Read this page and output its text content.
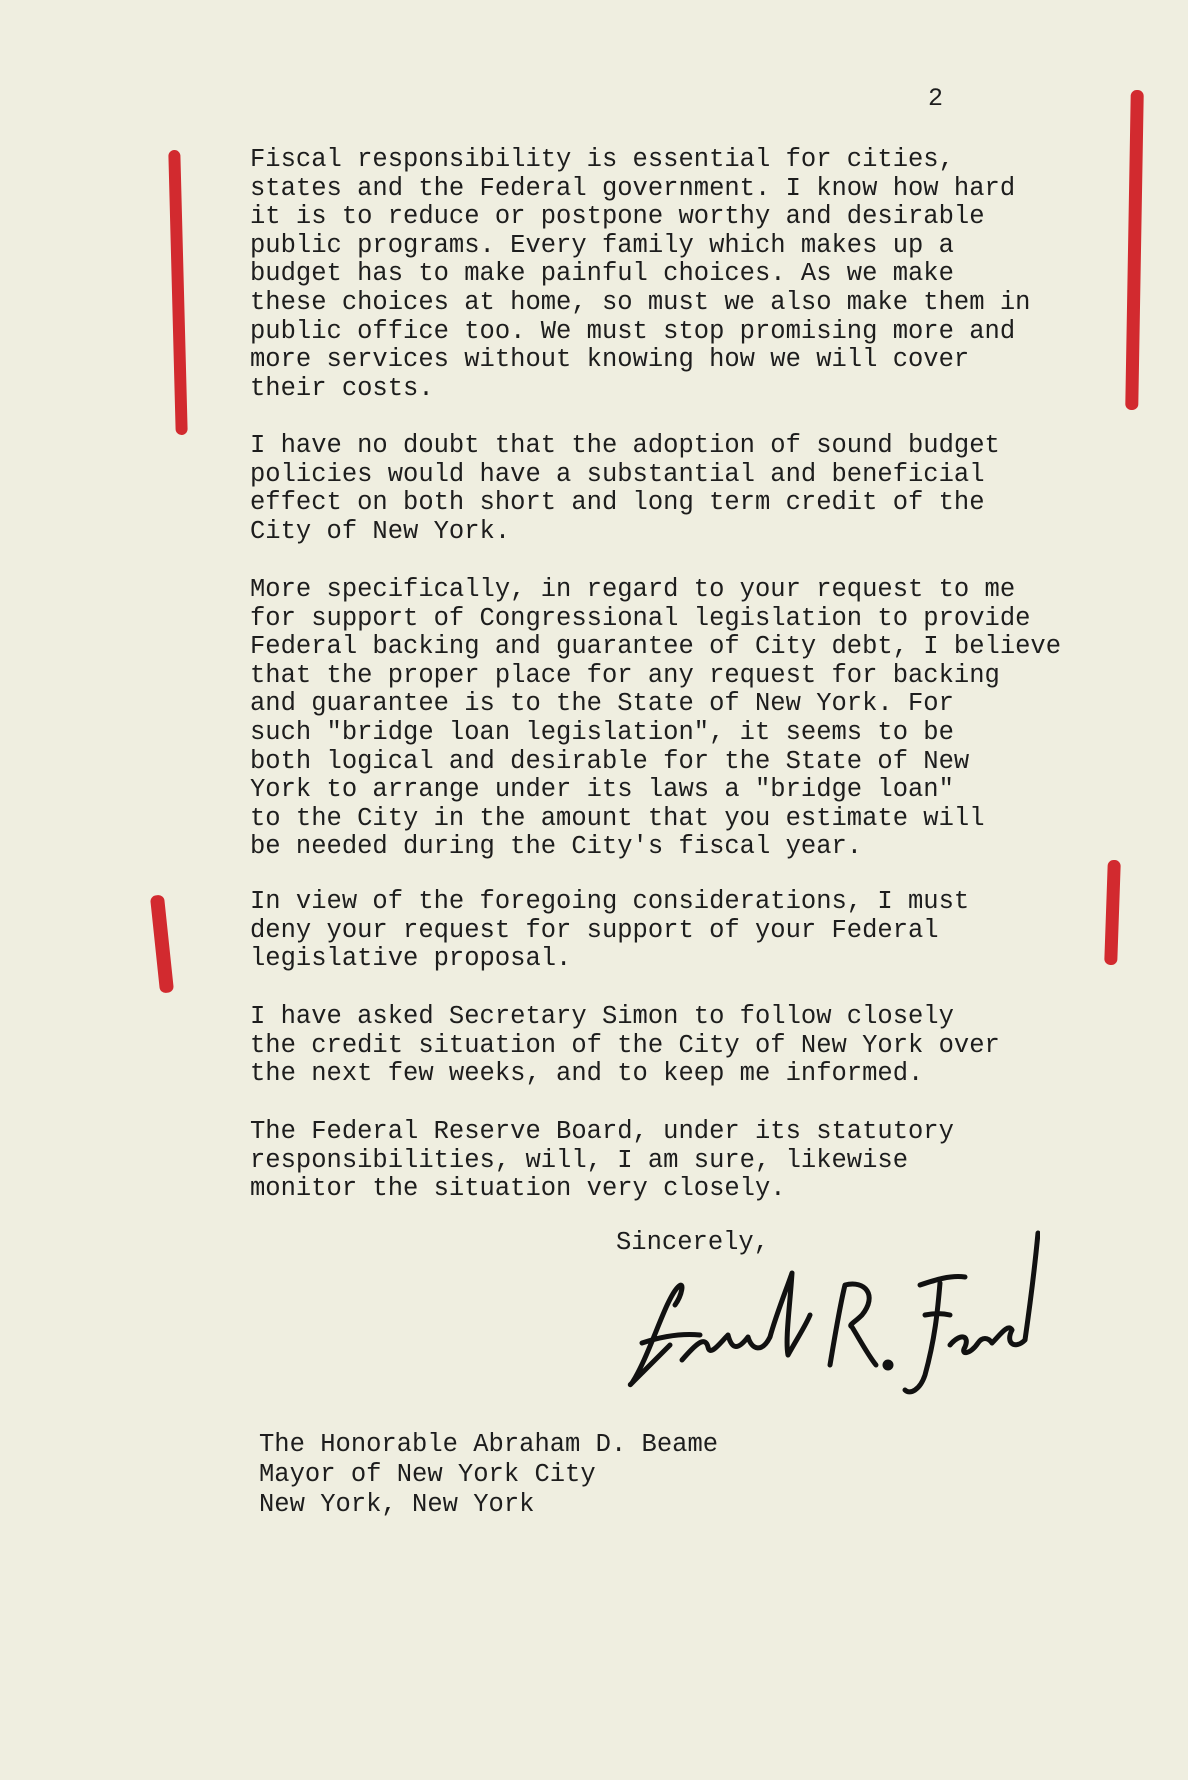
2
Fiscal responsibility is essential for cities,
states and the Federal government. I know how hard
it is to reduce or postpone worthy and desirable
public programs. Every family which makes up a
budget has to make painful choices. As we make
these choices at home, so must we also make them in
public office too. We must stop promising more and
more services without knowing how we will cover
their costs.
I have no doubt that the adoption of sound budget
policies would have a substantial and beneficial
effect on both short and long term credit of the
City of New York.
More specifically, in regard to your request to me
for support of Congressional legislation to provide
Federal backing and guarantee of City debt, I believe
that the proper place for any request for backing
and guarantee is to the State of New York. For
such "bridge loan legislation", it seems to be
both logical and desirable for the State of New
York to arrange under its laws a "bridge loan"
to the City in the amount that you estimate will
be needed during the City's fiscal year.
In view of the foregoing considerations, I must
deny your request for support of your Federal
legislative proposal.
I have asked Secretary Simon to follow closely
the credit situation of the City of New York over
the next few weeks, and to keep me informed.
The Federal Reserve Board, under its statutory
responsibilities, will, I am sure, likewise
monitor the situation very closely.
Sincerely,
The Honorable Abraham D. Beame
Mayor of New York City
New York, New York
